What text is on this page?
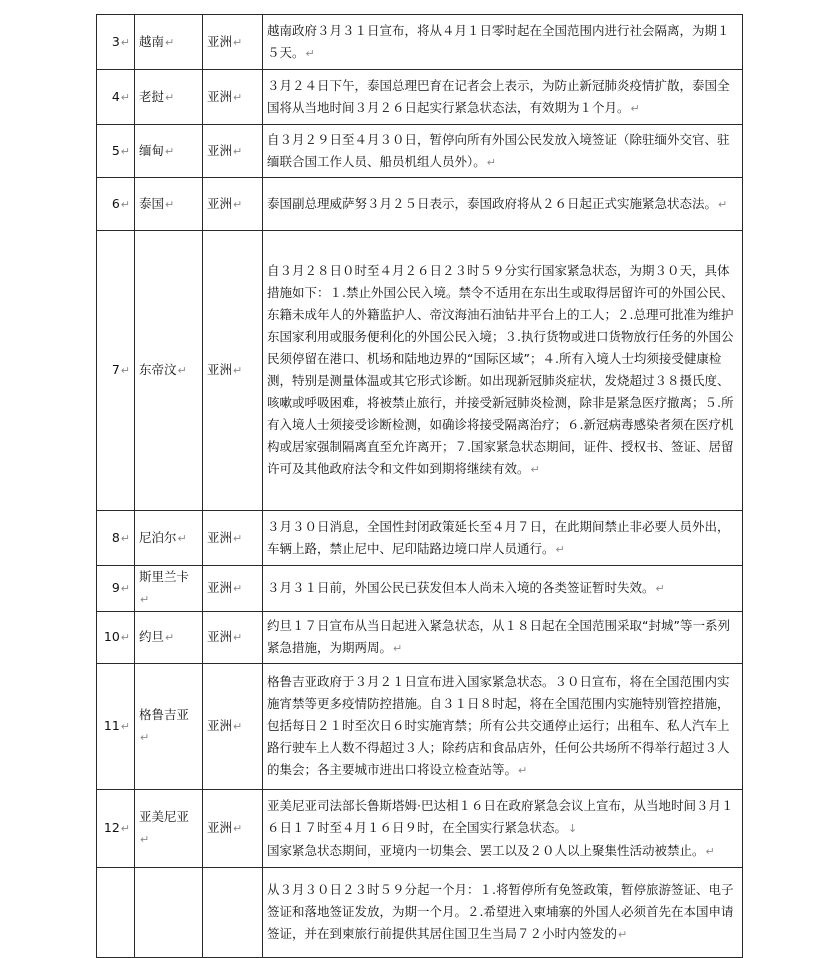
3↵	越南↵	亚洲↵	越南政府３月３１日宣布，将从４月１日零时起在全国范围内进行社会隔离，为期１５天。↵

4↵	老挝↵	亚洲↵	３月２４日下午，泰国总理巴育在记者会上表示，为防止新冠肺炎疫情扩散，泰国全国将从当地时间３月２６日起实行紧急状态法，有效期为１个月。↵

5↵	缅甸↵	亚洲↵	自３月２９日至４月３０日，暂停向所有外国公民发放入境签证（除驻缅外交官、驻缅联合国工作人员、船员机组人员外）。↵

6↵	泰国↵	亚洲↵	泰国副总理威萨努３月２５日表示，泰国政府将从２６日起正式实施紧急状态法。↵

7↵	东帝汶↵	亚洲↵	自３月２８日０时至４月２６日２３时５９分实行国家紧急状态，为期３０天，具体措施如下：１.禁止外国公民入境。禁令不适用在东出生或取得居留许可的外国公民、东籍未成年人的外籍监护人、帝汶海油石油钻井平台上的工人；２.总理可批准为维护东国家利用或服务便利化的外国公民入境；３.执行货物或进口货物放行任务的外国公民须停留在港口、机场和陆地边界的“国际区域”；４.所有入境人士均须接受健康检测，特别是测量体温或其它形式诊断。如出现新冠肺炎症状，发烧超过３８摄氏度、咳嗽或呼吸困难，将被禁止旅行，并接受新冠肺炎检测，除非是紧急医疗撤离；５.所有入境人士须接受诊断检测，如确诊将接受隔离治疗；６.新冠病毒感染者须在医疗机构或居家强制隔离直至允许离开；７.国家紧急状态期间，证件、授权书、签证、居留许可及其他政府法令和文件如到期将继续有效。↵

8↵	尼泊尔↵	亚洲↵	３月３０日消息，全国性封闭政策延长至４月７日，在此期间禁止非必要人员外出，车辆上路，禁止尼中、尼印陆路边境口岸人员通行。↵

9↵	斯里兰卡↵	亚洲↵	３月３１日前，外国公民已获发但本人尚未入境的各类签证暂时失效。↵

10↵	约旦↵	亚洲↵	约旦１７日宣布从当日起进入紧急状态，从１８日起在全国范围采取“封城”等一系列紧急措施，为期两周。↵

11↵	格鲁吉亚↵	亚洲↵	格鲁吉亚政府于３月２１日宣布进入国家紧急状态。３０日宣布，将在全国范围内实施宵禁等更多疫情防控措施。自３１日８时起，将在全国范围内实施特别管控措施，包括每日２１时至次日６时实施宵禁；所有公共交通停止运行；出租车、私人汽车上路行驶车上人数不得超过３人；除药店和食品店外，任何公共场所不得举行超过３人的集会；各主要城市进出口将设立检查站等。↵

12↵	亚美尼亚↵	亚洲↵	亚美尼亚司法部长鲁斯塔姆·巴达相１６日在政府紧急会议上宣布，从当地时间３月１６日１７时至４月１６日９时，在全国实行紧急状态。↓
国家紧急状态期间，亚境内一切集会、罢工以及２０人以上聚集性活动被禁止。↵

			从３月３０日２３时５９分起一个月：１.将暂停所有免签政策，暂停旅游签证、电子签证和落地签证发放，为期一个月。２.希望进入柬埔寨的外国人必须首先在本国申请签证，并在到柬旅行前提供其居住国卫生当局７２小时内签发的↵
